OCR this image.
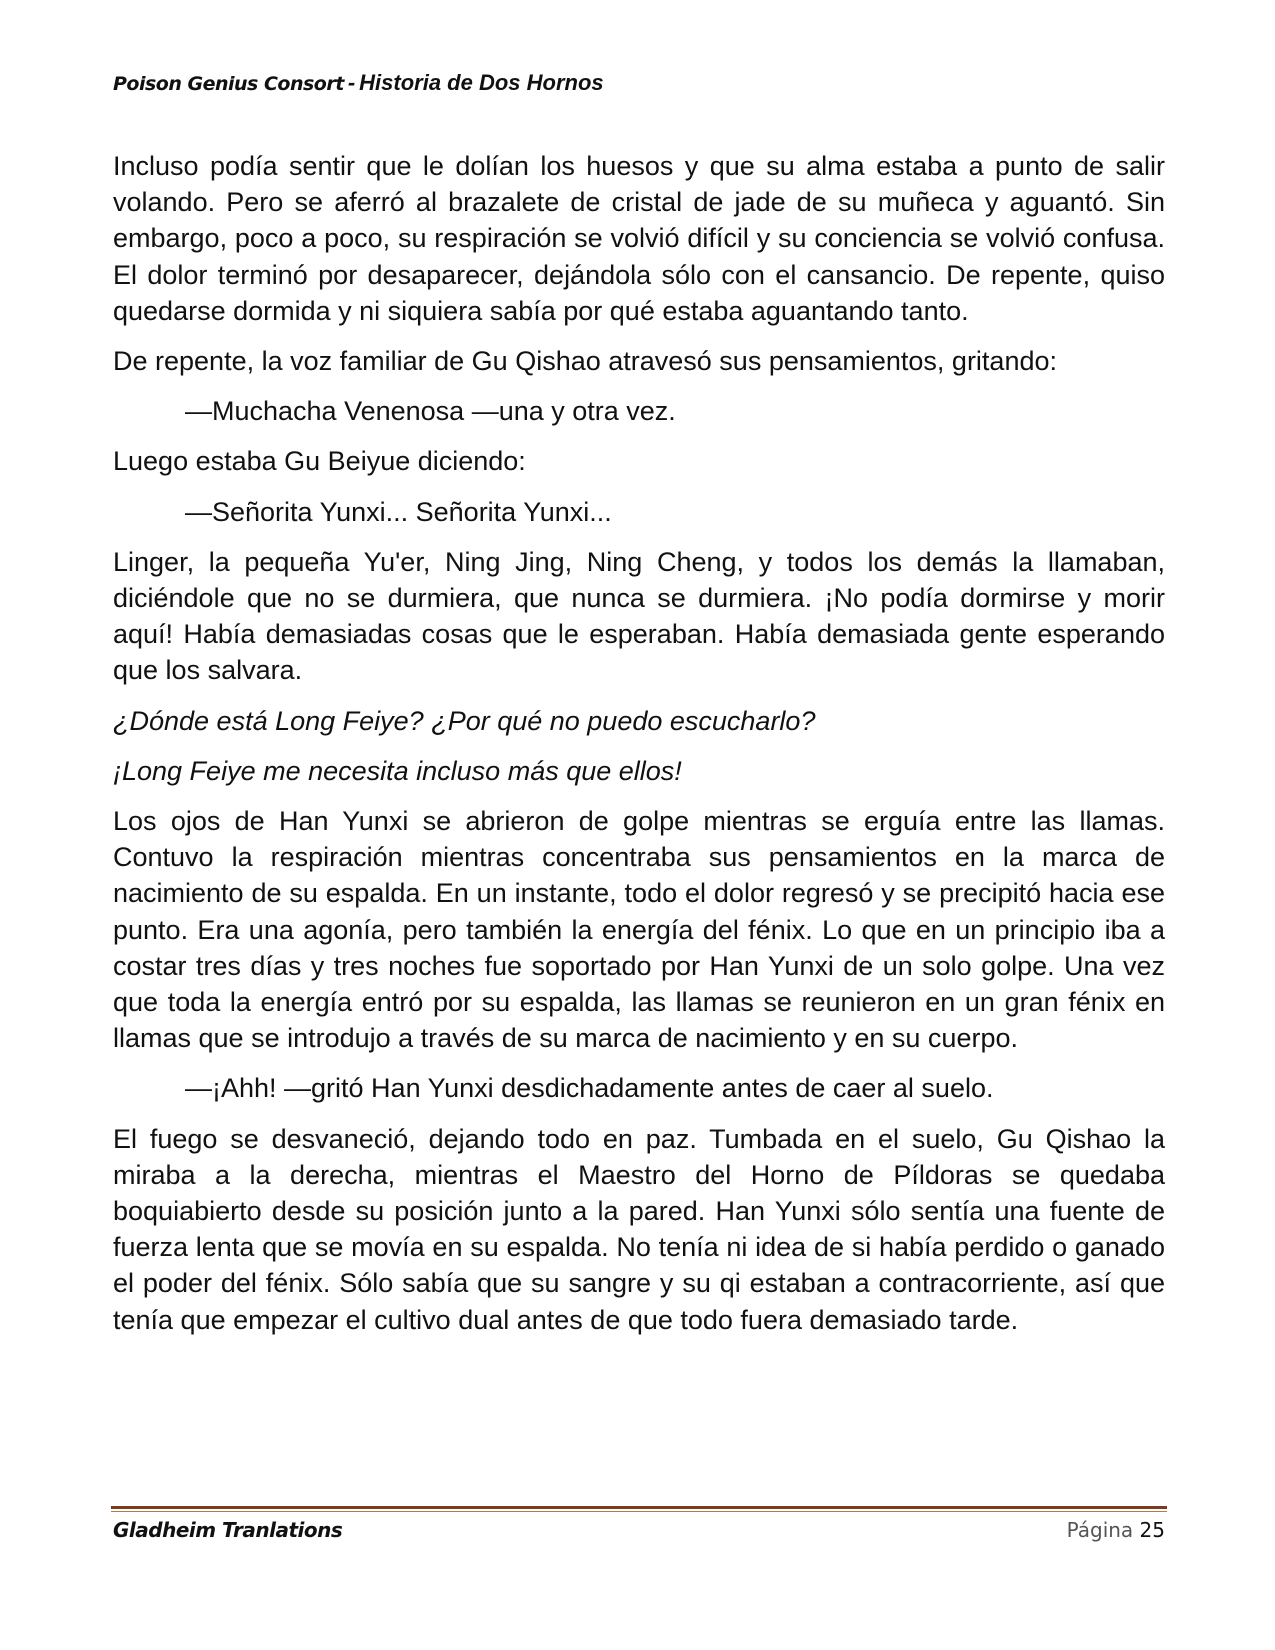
Poison Genius Consort - Historia de Dos Hornos

Incluso podía sentir que le dolían los huesos y que su alma estaba a punto de salir volando. Pero se aferró al brazalete de cristal de jade de su muñeca y aguantó. Sin embargo, poco a poco, su respiración se volvió difícil y su conciencia se volvió confusa. El dolor terminó por desaparecer, dejándola sólo con el cansancio. De repente, quiso quedarse dormida y ni siquiera sabía por qué estaba aguantando tanto.

De repente, la voz familiar de Gu Qishao atravesó sus pensamientos, gritando:

—Muchacha Venenosa —una y otra vez.

Luego estaba Gu Beiyue diciendo:

—Señorita Yunxi... Señorita Yunxi...

Linger, la pequeña Yu'er, Ning Jing, Ning Cheng, y todos los demás la llamaban, diciéndole que no se durmiera, que nunca se durmiera. ¡No podía dormirse y morir aquí! Había demasiadas cosas que le esperaban. Había demasiada gente esperando que los salvara.

¿Dónde está Long Feiye? ¿Por qué no puedo escucharlo?

¡Long Feiye me necesita incluso más que ellos!

Los ojos de Han Yunxi se abrieron de golpe mientras se erguía entre las llamas. Contuvo la respiración mientras concentraba sus pensamientos en la marca de nacimiento de su espalda. En un instante, todo el dolor regresó y se precipitó hacia ese punto. Era una agonía, pero también la energía del fénix. Lo que en un principio iba a costar tres días y tres noches fue soportado por Han Yunxi de un solo golpe. Una vez que toda la energía entró por su espalda, las llamas se reunieron en un gran fénix en llamas que se introdujo a través de su marca de nacimiento y en su cuerpo.

—¡Ahh! —gritó Han Yunxi desdichadamente antes de caer al suelo.

El fuego se desvaneció, dejando todo en paz. Tumbada en el suelo, Gu Qishao la miraba a la derecha, mientras el Maestro del Horno de Píldoras se quedaba boquiabierto desde su posición junto a la pared. Han Yunxi sólo sentía una fuente de fuerza lenta que se movía en su espalda. No tenía ni idea de si había perdido o ganado el poder del fénix. Sólo sabía que su sangre y su qi estaban a contracorriente, así que tenía que empezar el cultivo dual antes de que todo fuera demasiado tarde.

Gladheim Tranlations	Página 25
